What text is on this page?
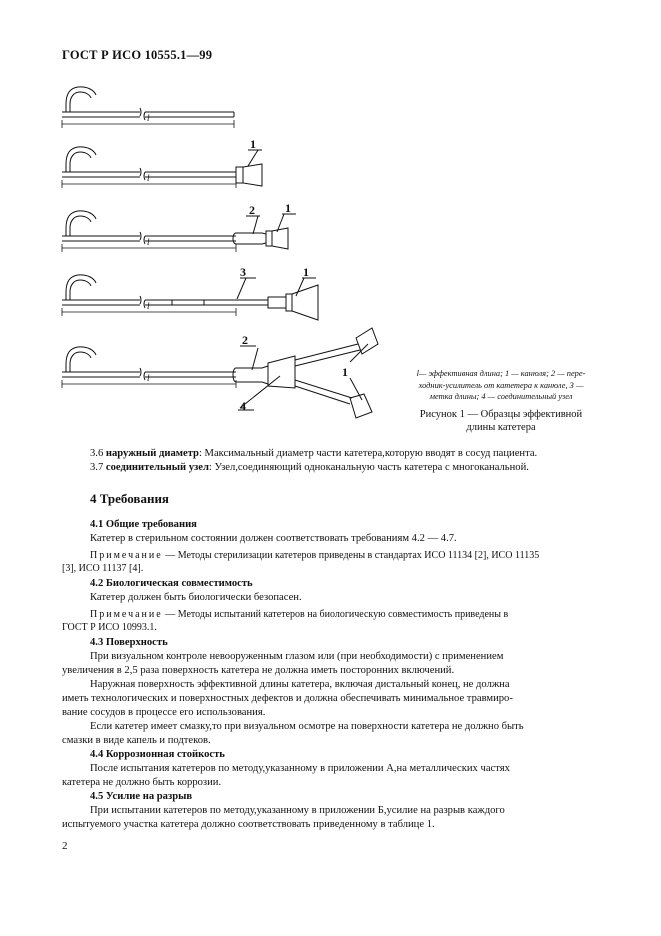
ГОСТ Р ИСО 10555.1—99
l
l
l
l
l
1
2	1
3	1
2
1
4
l— эффективная длина; 1 — канюля; 2 — пере-
ходник-усилитель от катетера к канюле, 3 —
метка длины; 4 — соединительный узел
Рисунок 1 — Образцы эффективной
длины катетера
3.6 наружный диаметр: Максимальный диаметр части катетера,которую вводят в сосуд пациента.
3.7 соединительный узел: Узел,соединяющий одноканальную часть катетера с многоканальной.
4 Требования
4.1 Общие требования
Катетер в стерильном состоянии должен соответствовать требованиям 4.2 — 4.7.
Примечание — Методы стерилизации катетеров приведены в стандартах ИСО 11134 [2], ИСО 11135
[3], ИСО 11137 [4].
4.2 Биологическая совместимость
Катетер должен быть биологически безопасен.
Примечание — Методы испытаний катетеров на биологическую совместимость приведены в
ГОСТ Р ИСО 10993.1.
4.3 Поверхность
При визуальном контроле невооруженным глазом или (при необходимости) с применением
увеличения в 2,5 раза поверхность катетера не должна иметь посторонних включений.
Наружная поверхность эффективной длины катетера, включая дистальный конец, не должна
иметь технологических и поверхностных дефектов и должна обеспечивать минимальное травмиро-
вание сосудов в процессе его использования.
Если катетер имеет смазку,то при визуальном осмотре на поверхности катетера не должно быть
смазки в виде капель и подтеков.
4.4 Коррозионная стойкость
После испытания катетеров по методу,указанному в приложении А,на металлических частях
катетера не должно быть коррозии.
4.5 Усилие на разрыв
При испытании катетеров по методу,указанному в приложении Б,усилие на разрыв каждого
испытуемого участка катетера должно соответствовать приведенному в таблице 1.
2
